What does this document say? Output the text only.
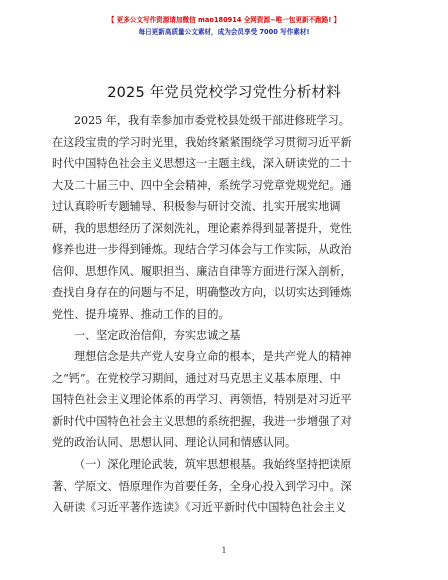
【 更多公文写作资源请加微信 mao180914 全网资源~唯一包更新不跑路! 】
每日更新高质量公文素材，成为会员享受 7000 写作素材!
2025 年党员党校学习党性分析材料
2025 年，我有幸参加市委党校县处级干部进修班学习。
在这段宝贵的学习时光里，我始终紧紧围绕学习贯彻习近平新
时代中国特色社会主义思想这一主题主线，深入研读党的二十
大及二十届三中、四中全会精神，系统学习党章党规党纪。通
过认真聆听专题辅导、积极参与研讨交流、扎实开展实地调
研，我的思想经历了深刻洗礼，理论素养得到显著提升，党性
修养也进一步得到锤炼。现结合学习体会与工作实际，从政治
信仰、思想作风、履职担当、廉洁自律等方面进行深入剖析，
查找自身存在的问题与不足，明确整改方向，以切实达到锤炼
党性、提升境界、推动工作的目的。
一、坚定政治信仰，夯实忠诚之基
理想信念是共产党人安身立命的根本，是共产党人的精神
之“钙”。在党校学习期间，通过对马克思主义基本原理、中
国特色社会主义理论体系的再学习、再领悟，特别是对习近平
新时代中国特色社会主义思想的系统把握，我进一步增强了对
党的政治认同、思想认同、理论认同和情感认同。
（一）深化理论武装，筑牢思想根基。我始终坚持把读原
著、学原文、悟原理作为首要任务，全身心投入到学习中。深
入研读《习近平著作选读》《习近平新时代中国特色社会主义
1
